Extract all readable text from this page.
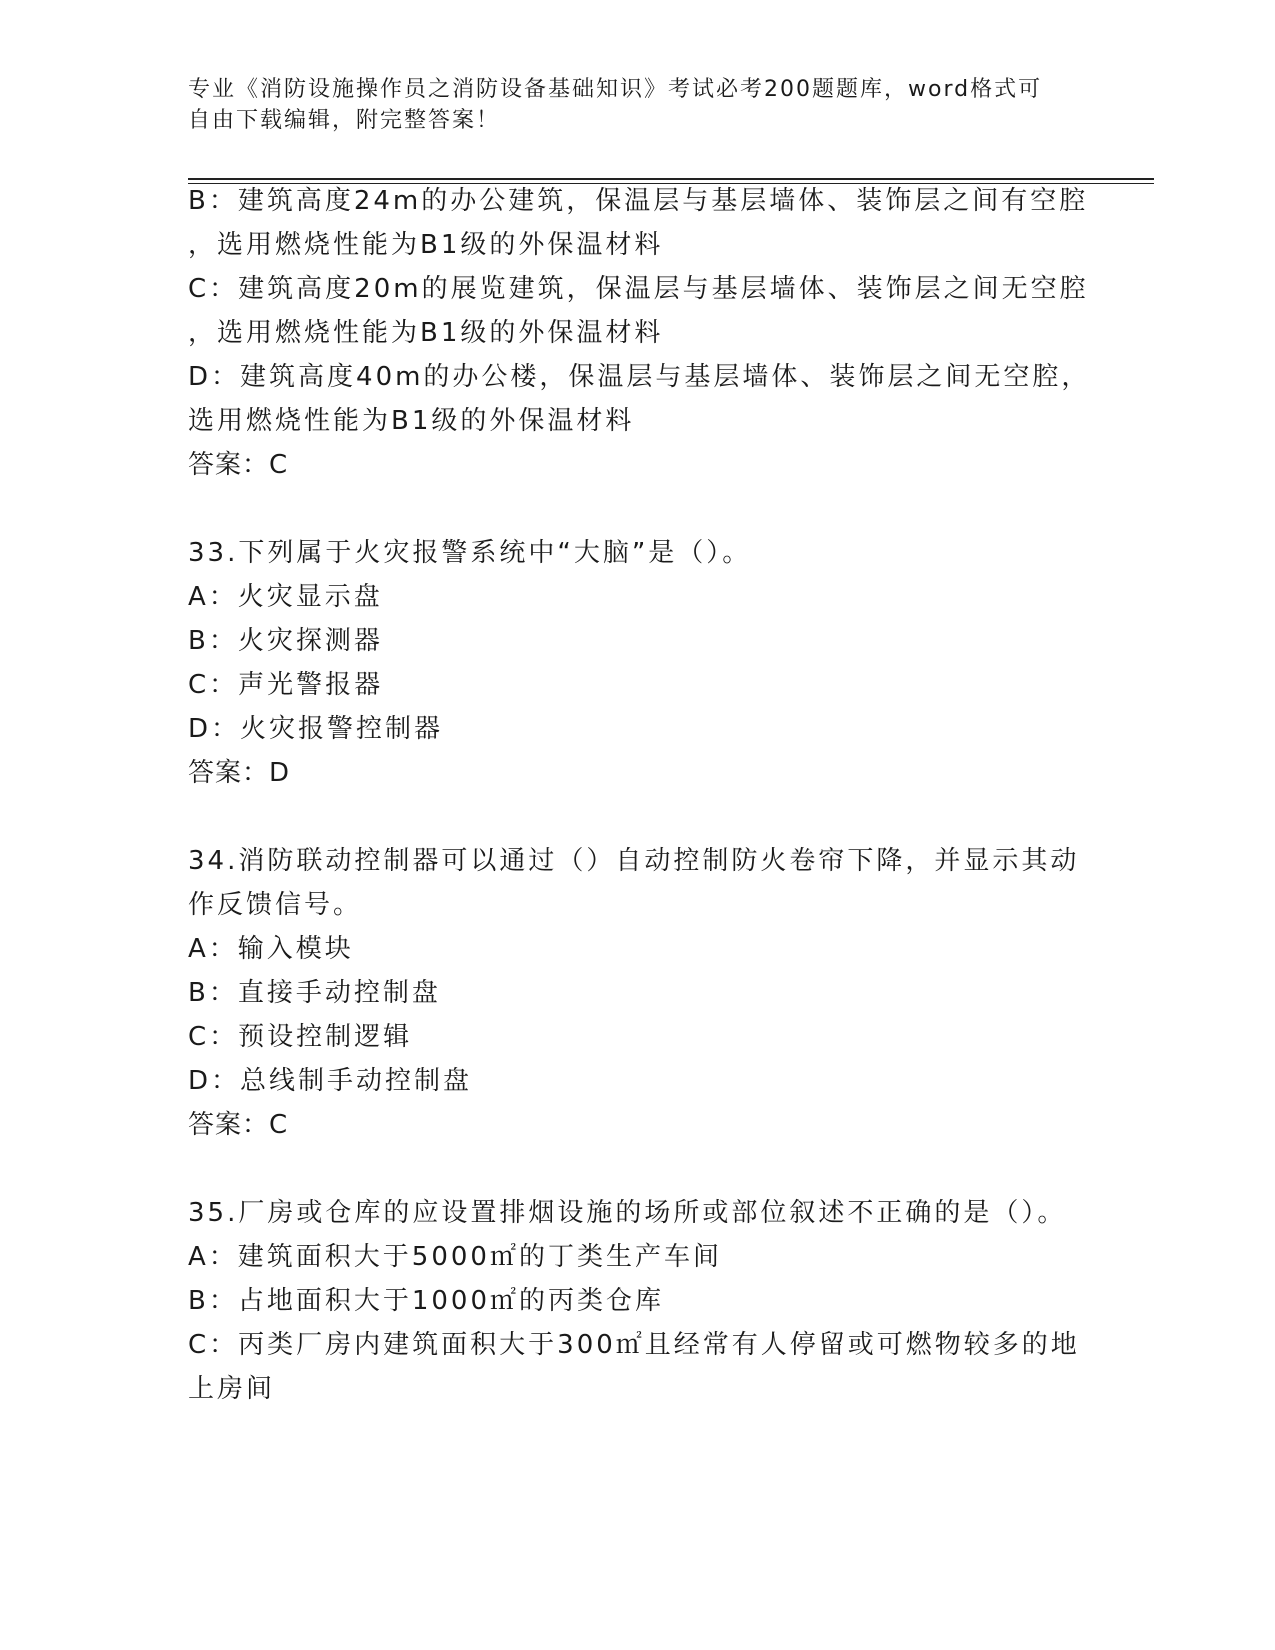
专业《消防设施操作员之消防设备基础知识》考试必考200题题库，word格式可
自由下载编辑，附完整答案！
B：建筑高度24m的办公建筑，保温层与基层墙体、装饰层之间有空腔
，选用燃烧性能为B1级的外保温材料
C：建筑高度20m的展览建筑，保温层与基层墙体、装饰层之间无空腔
，选用燃烧性能为B1级的外保温材料
D：建筑高度40m的办公楼，保温层与基层墙体、装饰层之间无空腔，
选用燃烧性能为B1级的外保温材料
答案：C
33.下列属于火灾报警系统中“大脑”是（）。
A：火灾显示盘
B：火灾探测器
C：声光警报器
D：火灾报警控制器
答案：D
34.消防联动控制器可以通过（）自动控制防火卷帘下降，并显示其动
作反馈信号。
A：输入模块
B：直接手动控制盘
C：预设控制逻辑
D：总线制手动控制盘
答案：C
35.厂房或仓库的应设置排烟设施的场所或部位叙述不正确的是（）。
A：建筑面积大于5000㎡的丁类生产车间
B：占地面积大于1000㎡的丙类仓库
C：丙类厂房内建筑面积大于300㎡且经常有人停留或可燃物较多的地
上房间
